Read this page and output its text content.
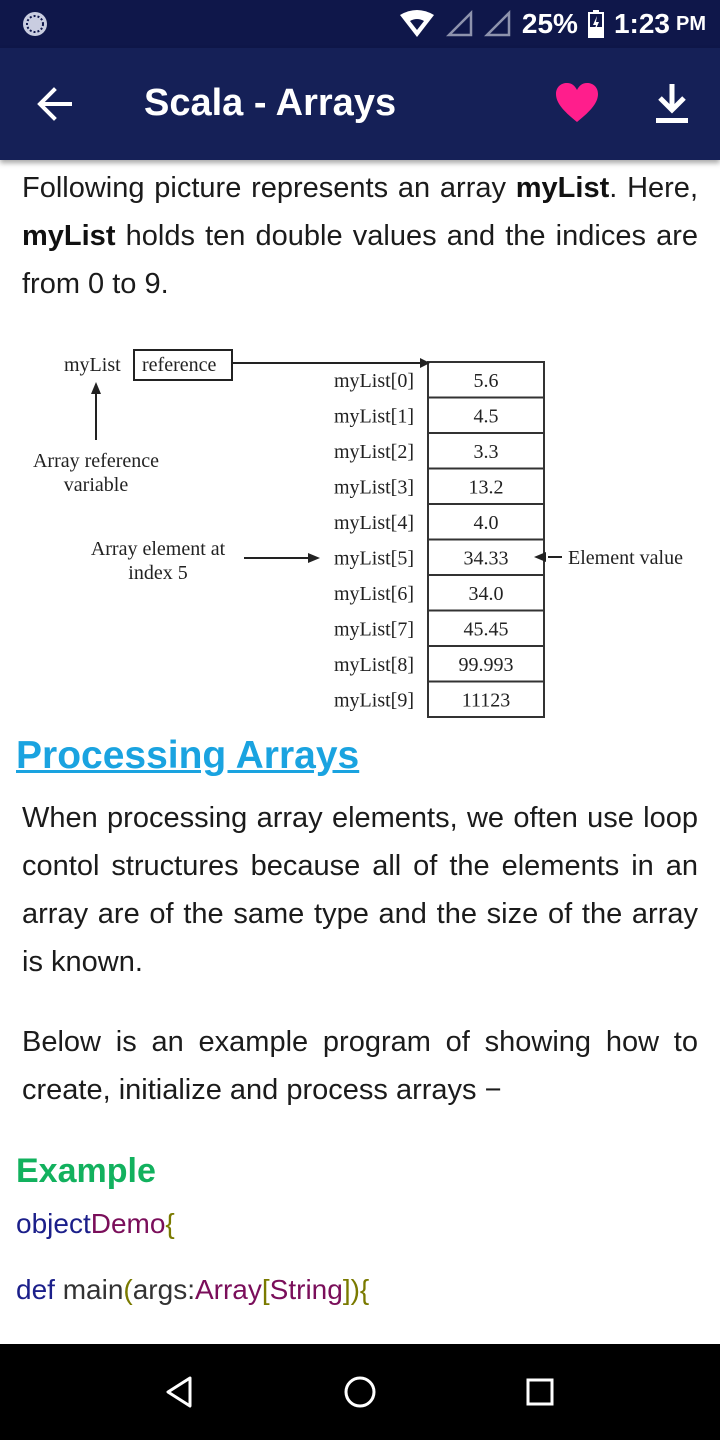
25% 1:23 PM
Scala - Arrays
Following picture represents an array myList. Here, myList holds ten double values and the indices are from 0 to 9.
myList[0]	5.6
myList[1]	4.5
myList[2]	3.3
myList[3]	13.2
myList[4]	4.0
myList[5] 34.33
myList[6]	34.0
myList[7] 45.45
myList[8] 99.993
myList[9] 11123
myList reference
Array reference
variable
Array element at
index 5
Element value
Processing Arrays
When processing array elements, we often use loop contol structures because all of the elements in an array are of the same type and the size of the array is known.
Below is an example program of showing how to create, initialize and process arrays −
Example
objectDemo{
def main(args:Array[String]){
